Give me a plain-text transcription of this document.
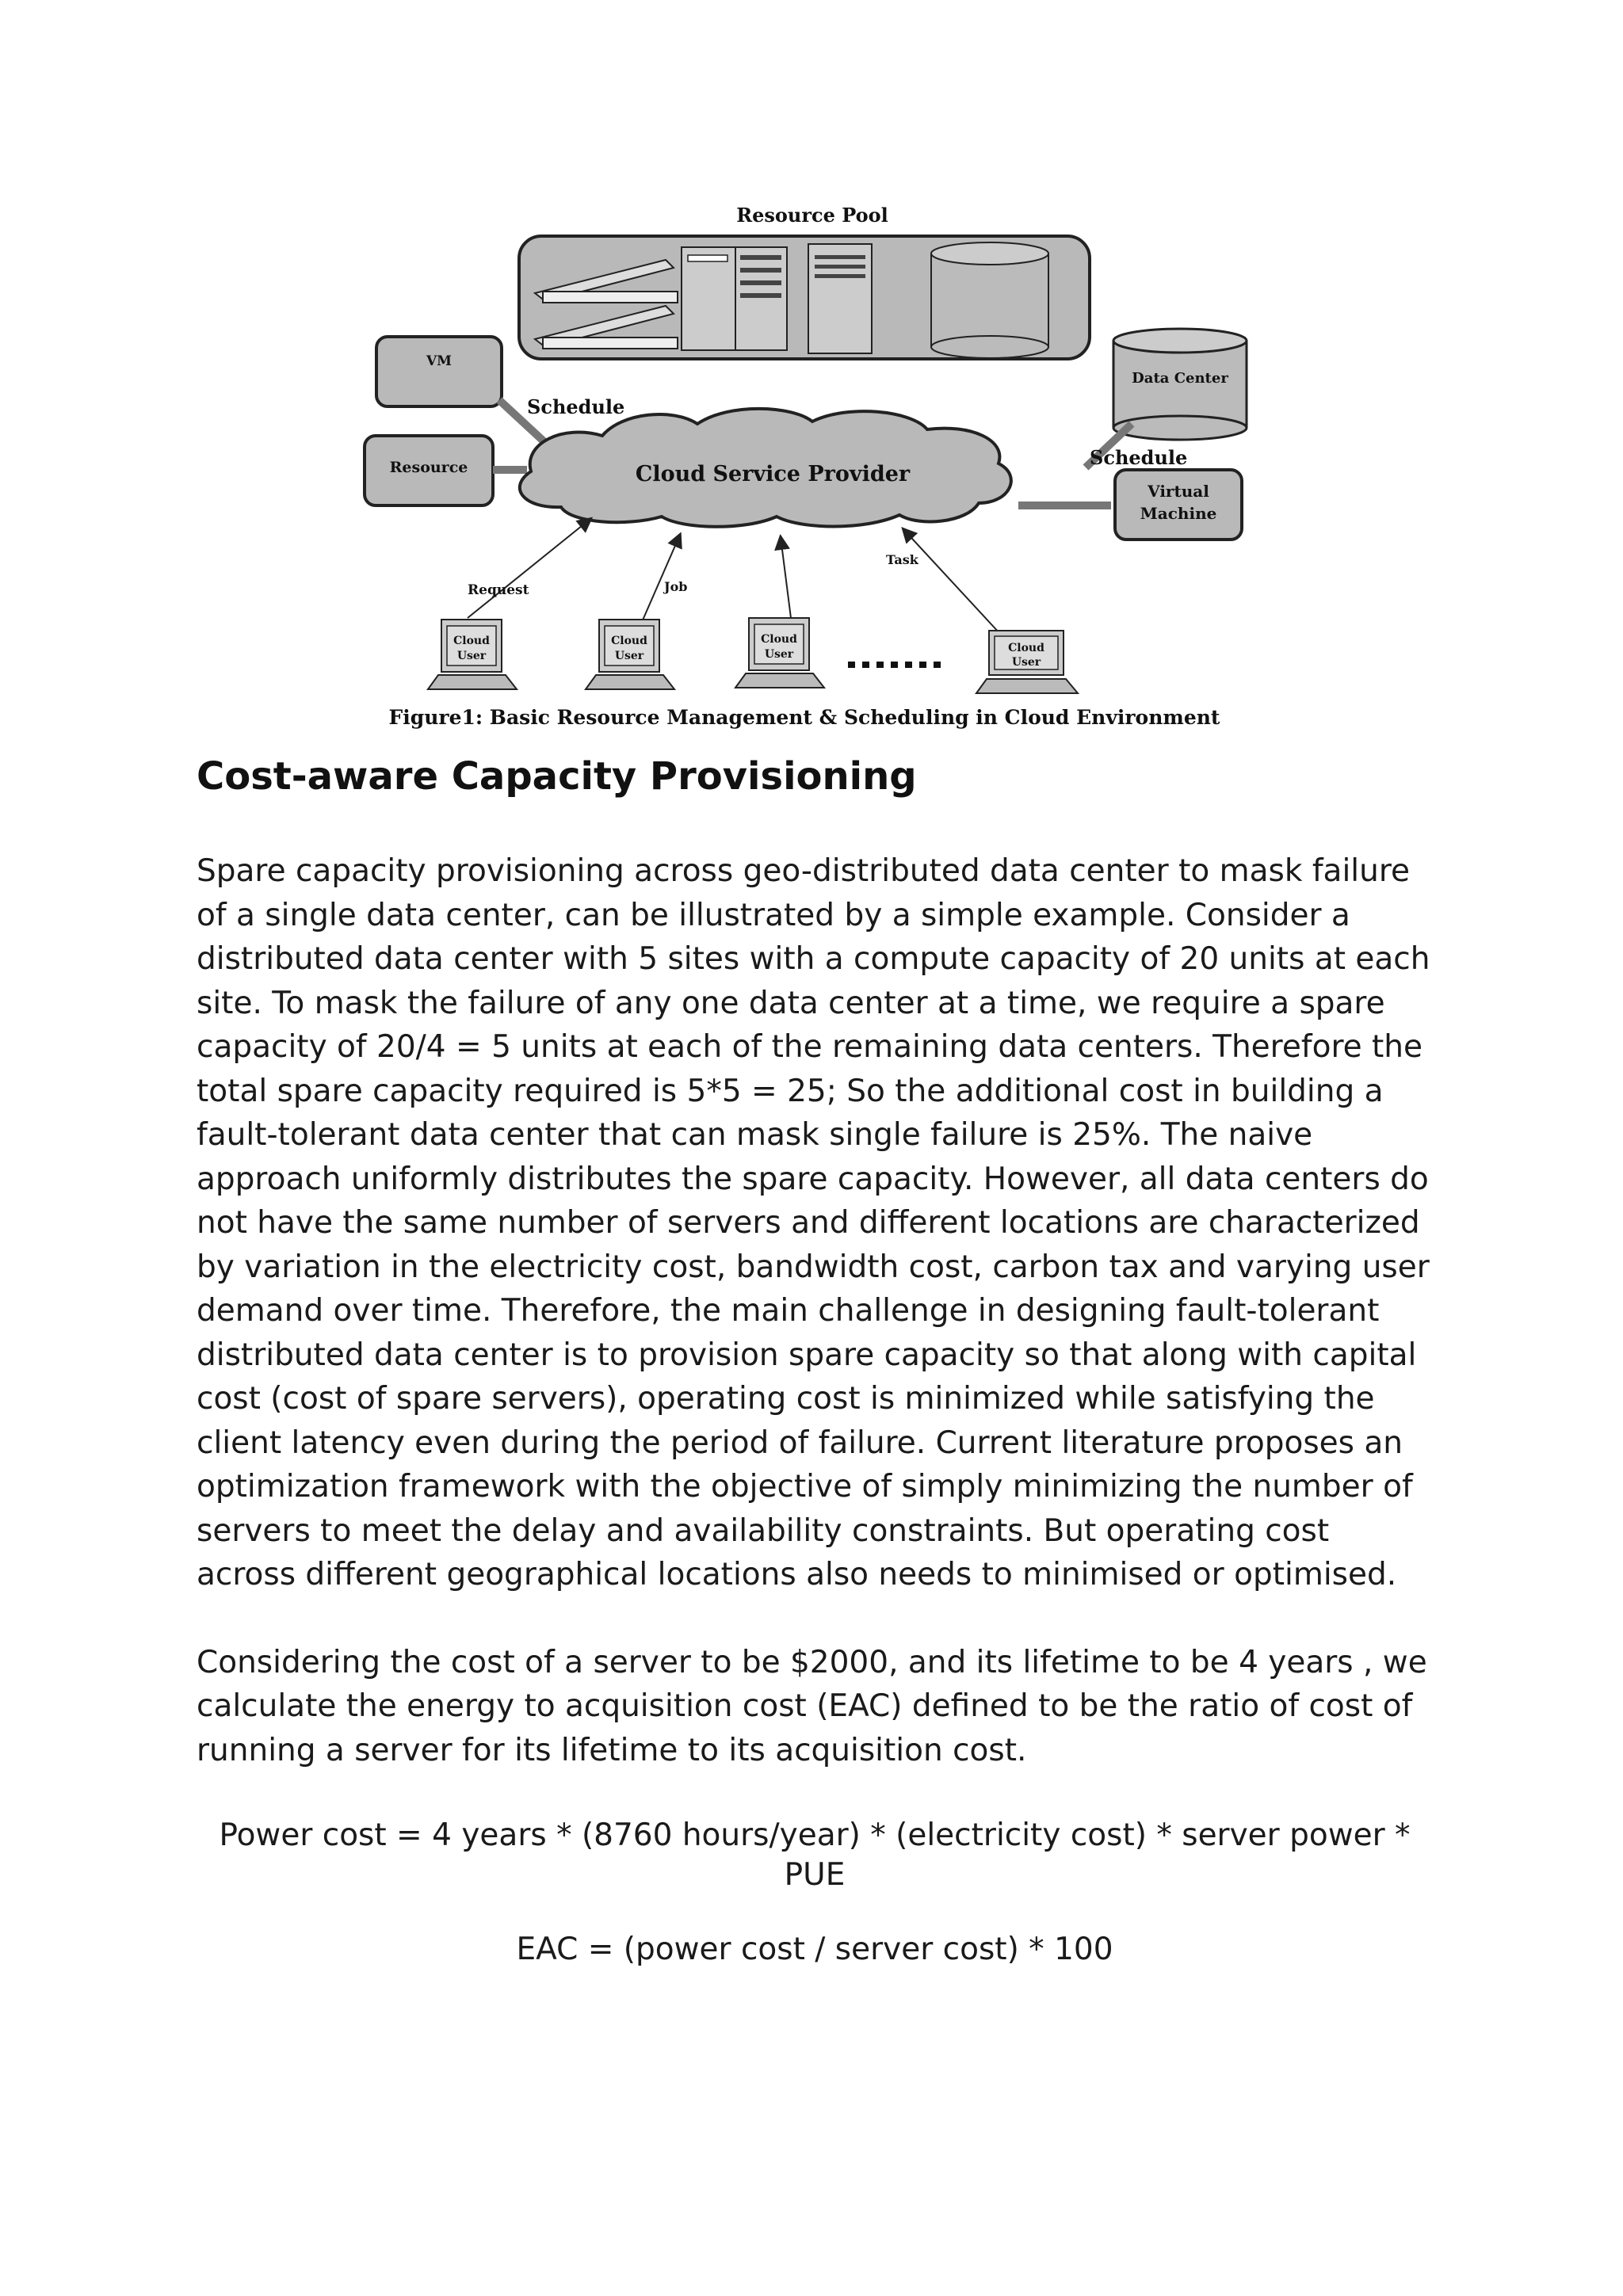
Resource Pool
VM
Resource
Schedule
Cloud Service Provider
Data Center
Schedule
Virtual
Machine
Request	Job
Task
Cloud
User
Cloud
User
Cloud
User	Cloud
User
Figure1: Basic Resource Management & Scheduling in Cloud Environment
Cost-aware Capacity Provisioning

Spare capacity provisioning across geo-distributed data center to mask failure of a single data center, can be illustrated by a simple example. Consider a distributed data center with 5 sites with a compute capacity of 20 units at each site. To mask the failure of any one data center at a time, we require a spare capacity of 20/4 = 5 units at each of the remaining data centers. Therefore the total spare capacity required is 5*5 = 25; So the additional cost in building a fault-tolerant data center that can mask single failure is 25%. The naive approach uniformly distributes the spare capacity. However, all data centers do not have the same number of servers and different locations are characterized by variation in the electricity cost, bandwidth cost, carbon tax and varying user demand over time. Therefore, the main challenge in designing fault-tolerant distributed data center is to provision spare capacity so that along with capital cost (cost of spare servers), operating cost is minimized while satisfying the client latency even during the period of failure. Current literature proposes an optimization framework with the objective of simply minimizing the number of servers to meet the delay and availability constraints. But operating cost across different geographical locations also needs to minimised or optimised.

Considering the cost of a server to be $2000, and its lifetime to be 4 years , we calculate the energy to acquisition cost (EAC) defined to be the ratio of cost of running a server for its lifetime to its acquisition cost.

Power cost = 4 years * (8760 hours/year) * (electricity cost) * server power * PUE

EAC = (power cost / server cost) * 100
